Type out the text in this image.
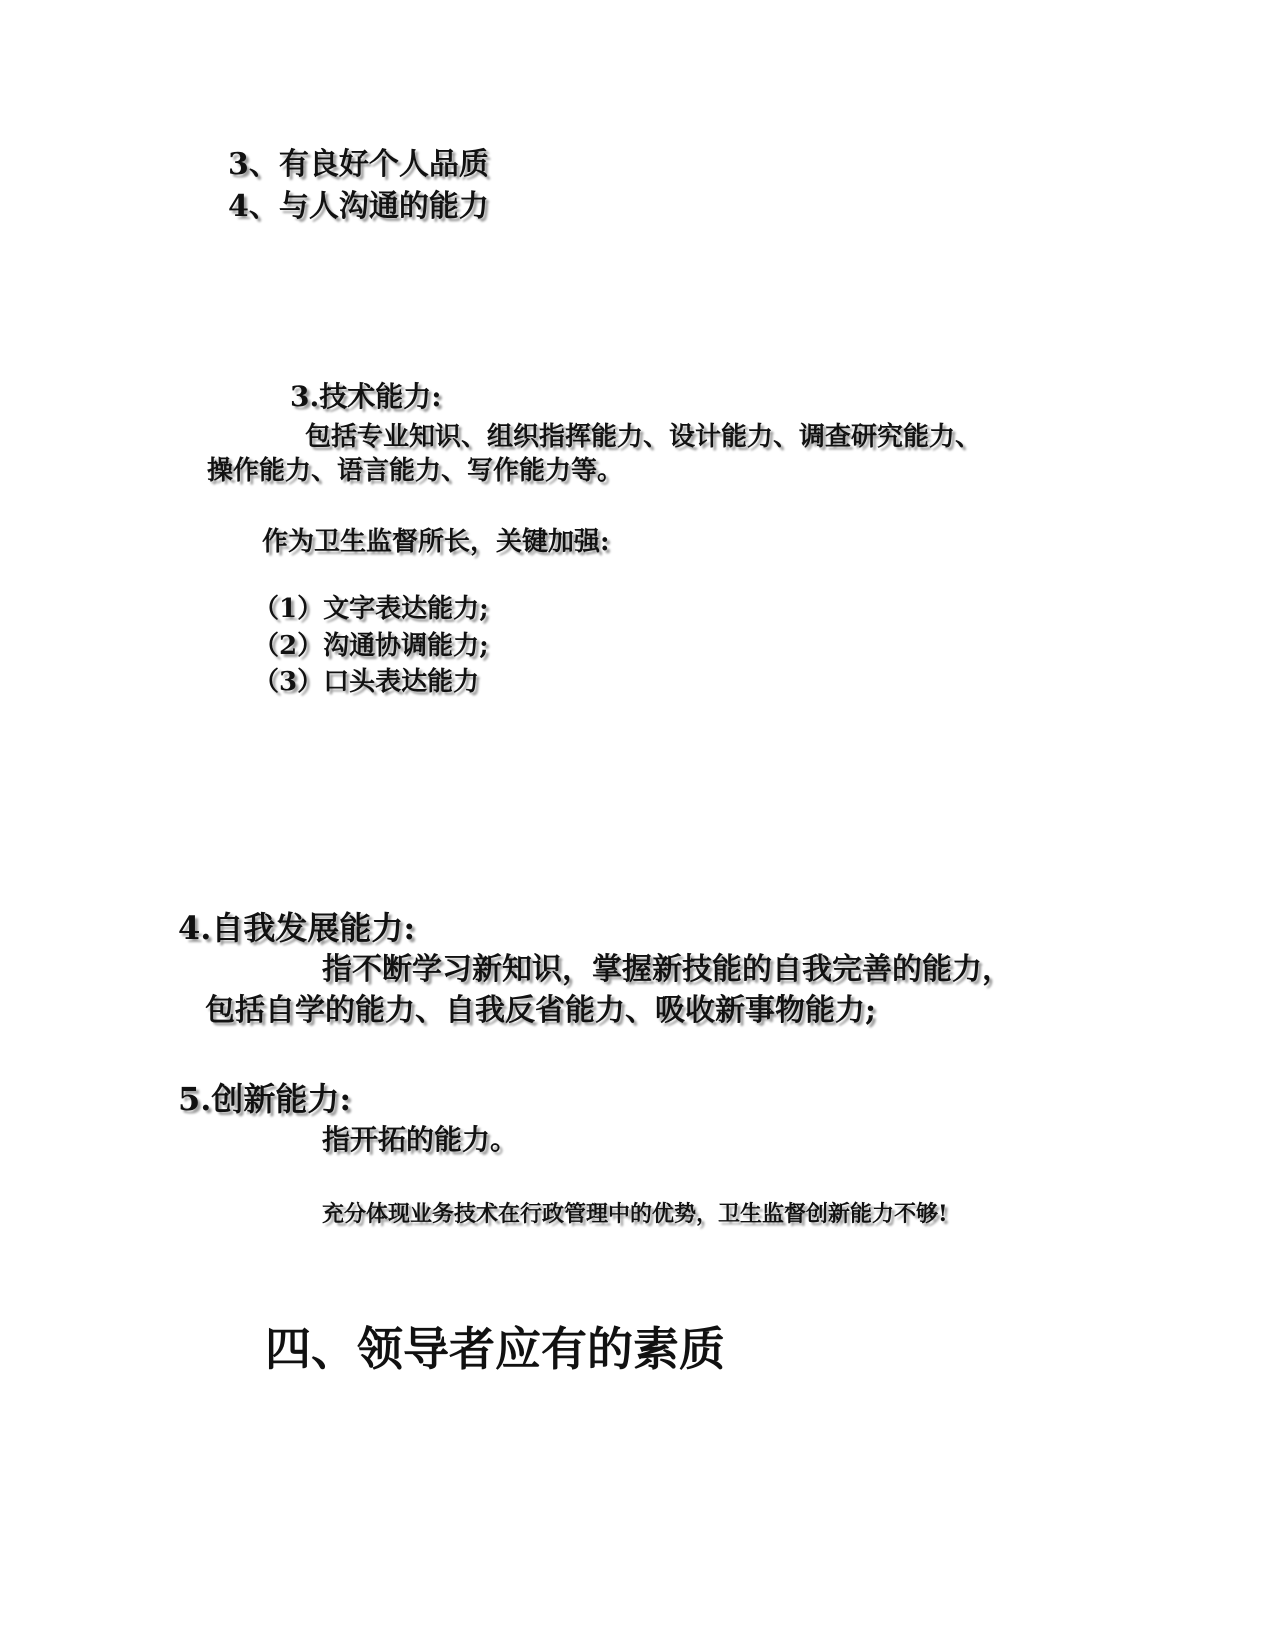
3、有良好个人品质
4、与人沟通的能力
3.技术能力:
包括专业知识、组织指挥能力、设计能力、调查研究能力、
操作能力、语言能力、写作能力等。
作为卫生监督所长，关键加强:
（1）文字表达能力;
（2）沟通协调能力;
（3）口头表达能力
4.自我发展能力:
指不断学习新知识，掌握新技能的自我完善的能力，
包括自学的能力、自我反省能力、吸收新事物能力;
5.创新能力:
指开拓的能力。
充分体现业务技术在行政管理中的优势，卫生监督创新能力不够!
四、领导者应有的素质
